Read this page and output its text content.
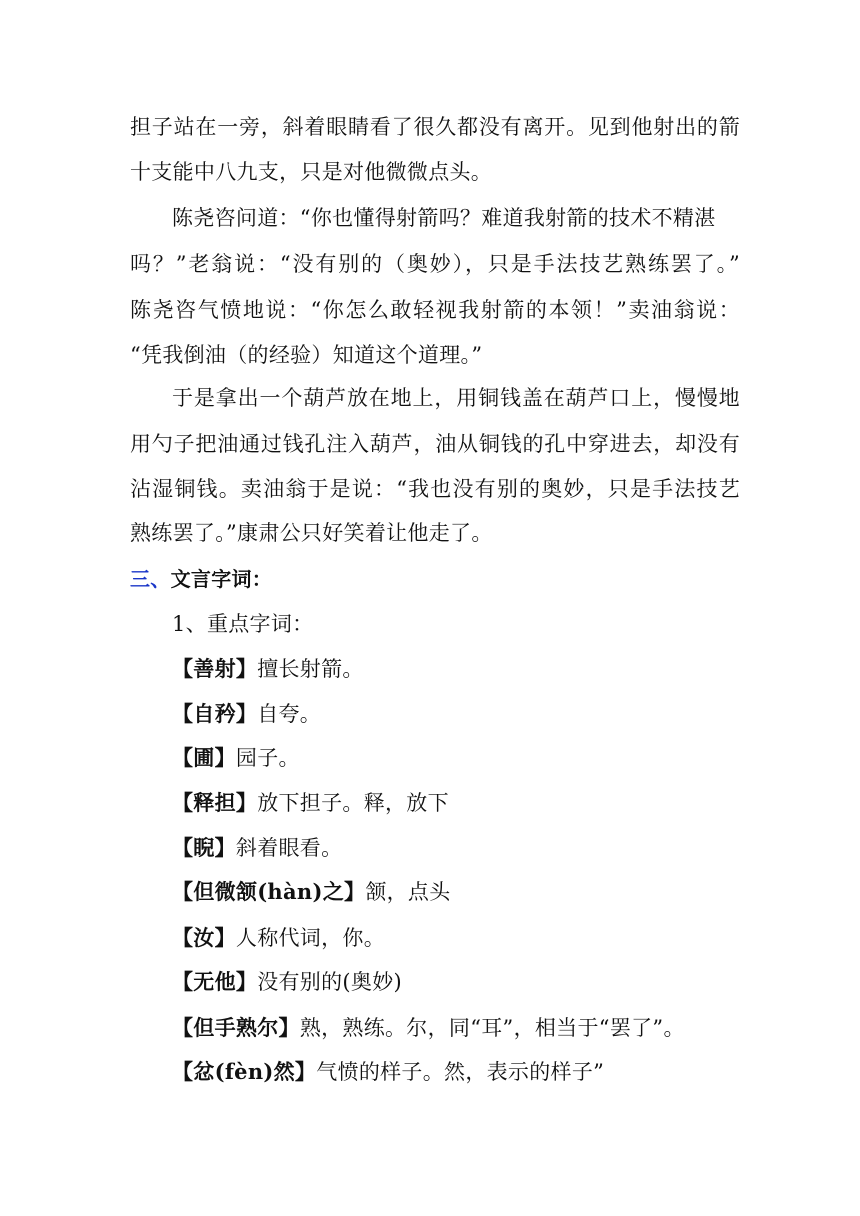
担子站在一旁，斜着眼睛看了很久都没有离开。见到他射出的箭
十支能中八九支，只是对他微微点头。
陈尧咨问道：“你也懂得射箭吗？难道我射箭的技术不精湛
吗？”老翁说：“没有别的（奥妙），只是手法技艺熟练罢了。”
陈尧咨气愤地说：“你怎么敢轻视我射箭的本领！”卖油翁说：
“凭我倒油（的经验）知道这个道理。”
于是拿出一个葫芦放在地上，用铜钱盖在葫芦口上，慢慢地
用勺子把油通过钱孔注入葫芦，油从铜钱的孔中穿进去，却没有
沾湿铜钱。卖油翁于是说：“我也没有别的奥妙，只是手法技艺
熟练罢了。”康肃公只好笑着让他走了。
三、文言字词：
1、重点字词：
【善射】擅长射箭。
【自矜】自夸。
【圃】园子。
【释担】放下担子。释，放下
【睨】斜着眼看。
【但微颔(hàn)之】颔，点头
【汝】人称代词，你。
【无他】没有别的(奥妙)
【但手熟尔】熟，熟练。尔，同“耳”，相当于“罢了”。
【忿(fèn)然】气愤的样子。然，表示的样子”
